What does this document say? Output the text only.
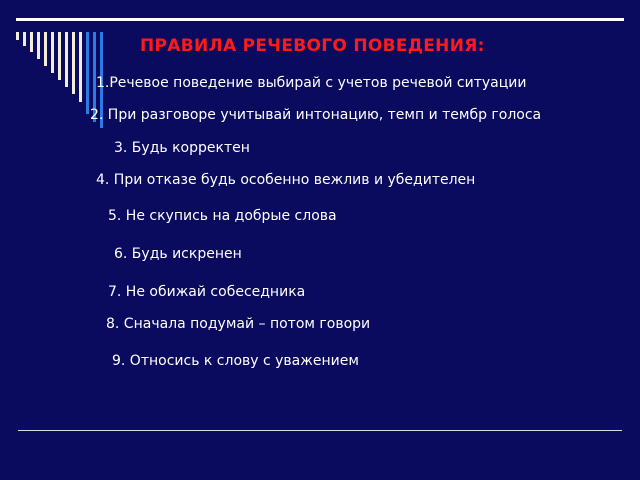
ПРАВИЛА РЕЧЕВОГО ПОВЕДЕНИЯ:
1.Речевое поведение выбирай с учетов речевой ситуации
2. При разговоре учитывай интонацию, темп и тембр голоса
3. Будь корректен
4. При отказе будь особенно вежлив и убедителен
5. Не скупись на добрые слова
6. Будь искренен
7. Не обижай собеседника
8. Сначала подумай – потом говори
9. Относись к слову с уважением
